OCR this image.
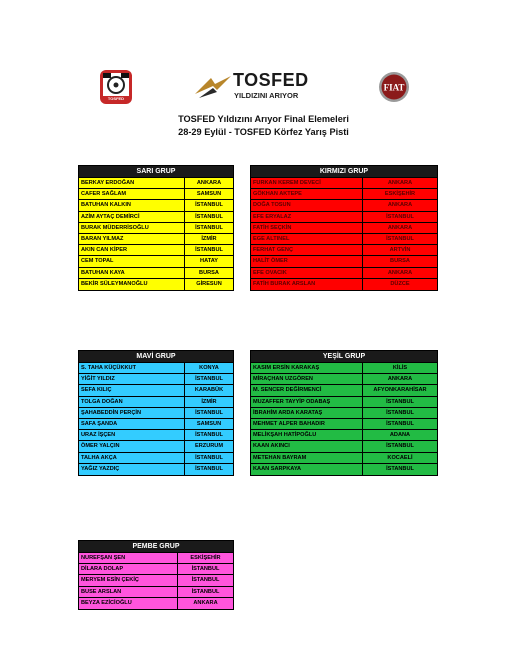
TOSFED
TOSFED
YILDIZINI ARIYOR
FIAT
TOSFED Yıldızını Arıyor Final Elemeleri
28-29 Eylül - TOSFED Körfez Yarış Pisti
SARI GRUP
BERKAY ERDOĞAN	ANKARA
CAFER SAĞLAM	SAMSUN
BATUHAN KALKIN	İSTANBUL
AZİM AYTAÇ DEMİRCİ	İSTANBUL
BURAK MÜDERRİSOĞLU	İSTANBUL
BARAN YILMAZ	İZMİR
AKIN CAN KİPER	İSTANBUL
CEM TOPAL	HATAY
BATUHAN KAYA	BURSA
BEKİR SÜLEYMANOĞLU	GİRESUN
KIRMIZI GRUP
FURKAN KEREM DEVECİ	ANKARA
GÖKHAN AKTEPE	ESKİŞEHİR
DOĞA TOSUN	ANKARA
EFE ERYALAZ	İSTANBUL
FATİH SEÇKİN	ANKARA
EGE ALTINEL	İSTANBUL
FERHAT GENÇ	ARTVİN
HALİT ÖMER	BURSA
EFE OVACIK	ANKARA
FATİH BURAK ARSLAN	DÜZCE
MAVİ GRUP
S. TAHA KÜÇÜKKUT	KONYA
YİĞİT YILDIZ	İSTANBUL
SEFA KILIÇ	KARABÜK
TOLGA DOĞAN	İZMİR
ŞAHABEDDİN PERÇİN	İSTANBUL
SAFA ŞANDA	SAMSUN
URAZ İŞÇEN	İSTANBUL
ÖMER YALÇIN	ERZURUM
TALHA AKÇA	İSTANBUL
YAĞIZ YAZDIÇ	İSTANBUL
YEŞİL GRUP
KASIM ERSİN KARAKAŞ	KİLİS
MİRAÇHAN UZGÖREN	ANKARA
M. SENCER DEĞİRMENCİ	AFYONKARAHİSAR
MUZAFFER TAYYİP ODABAŞ	İSTANBUL
İBRAHİM ARDA KARATAŞ	İSTANBUL
MEHMET ALPER BAHADIR	İSTANBUL
MELİKŞAH HATİPOĞLU	ADANA
KAAN AKINCI	İSTANBUL
METEHAN BAYRAM	KOCAELİ
KAAN SARPKAYA	İSTANBUL
PEMBE GRUP
NUREFŞAN ŞEN	ESKİŞEHİR
DİLARA DOLAP	İSTANBUL
MERYEM ESİN ÇEKİÇ	İSTANBUL
BUSE ARSLAN	İSTANBUL
BEYZA EZİCİOĞLU	ANKARA
